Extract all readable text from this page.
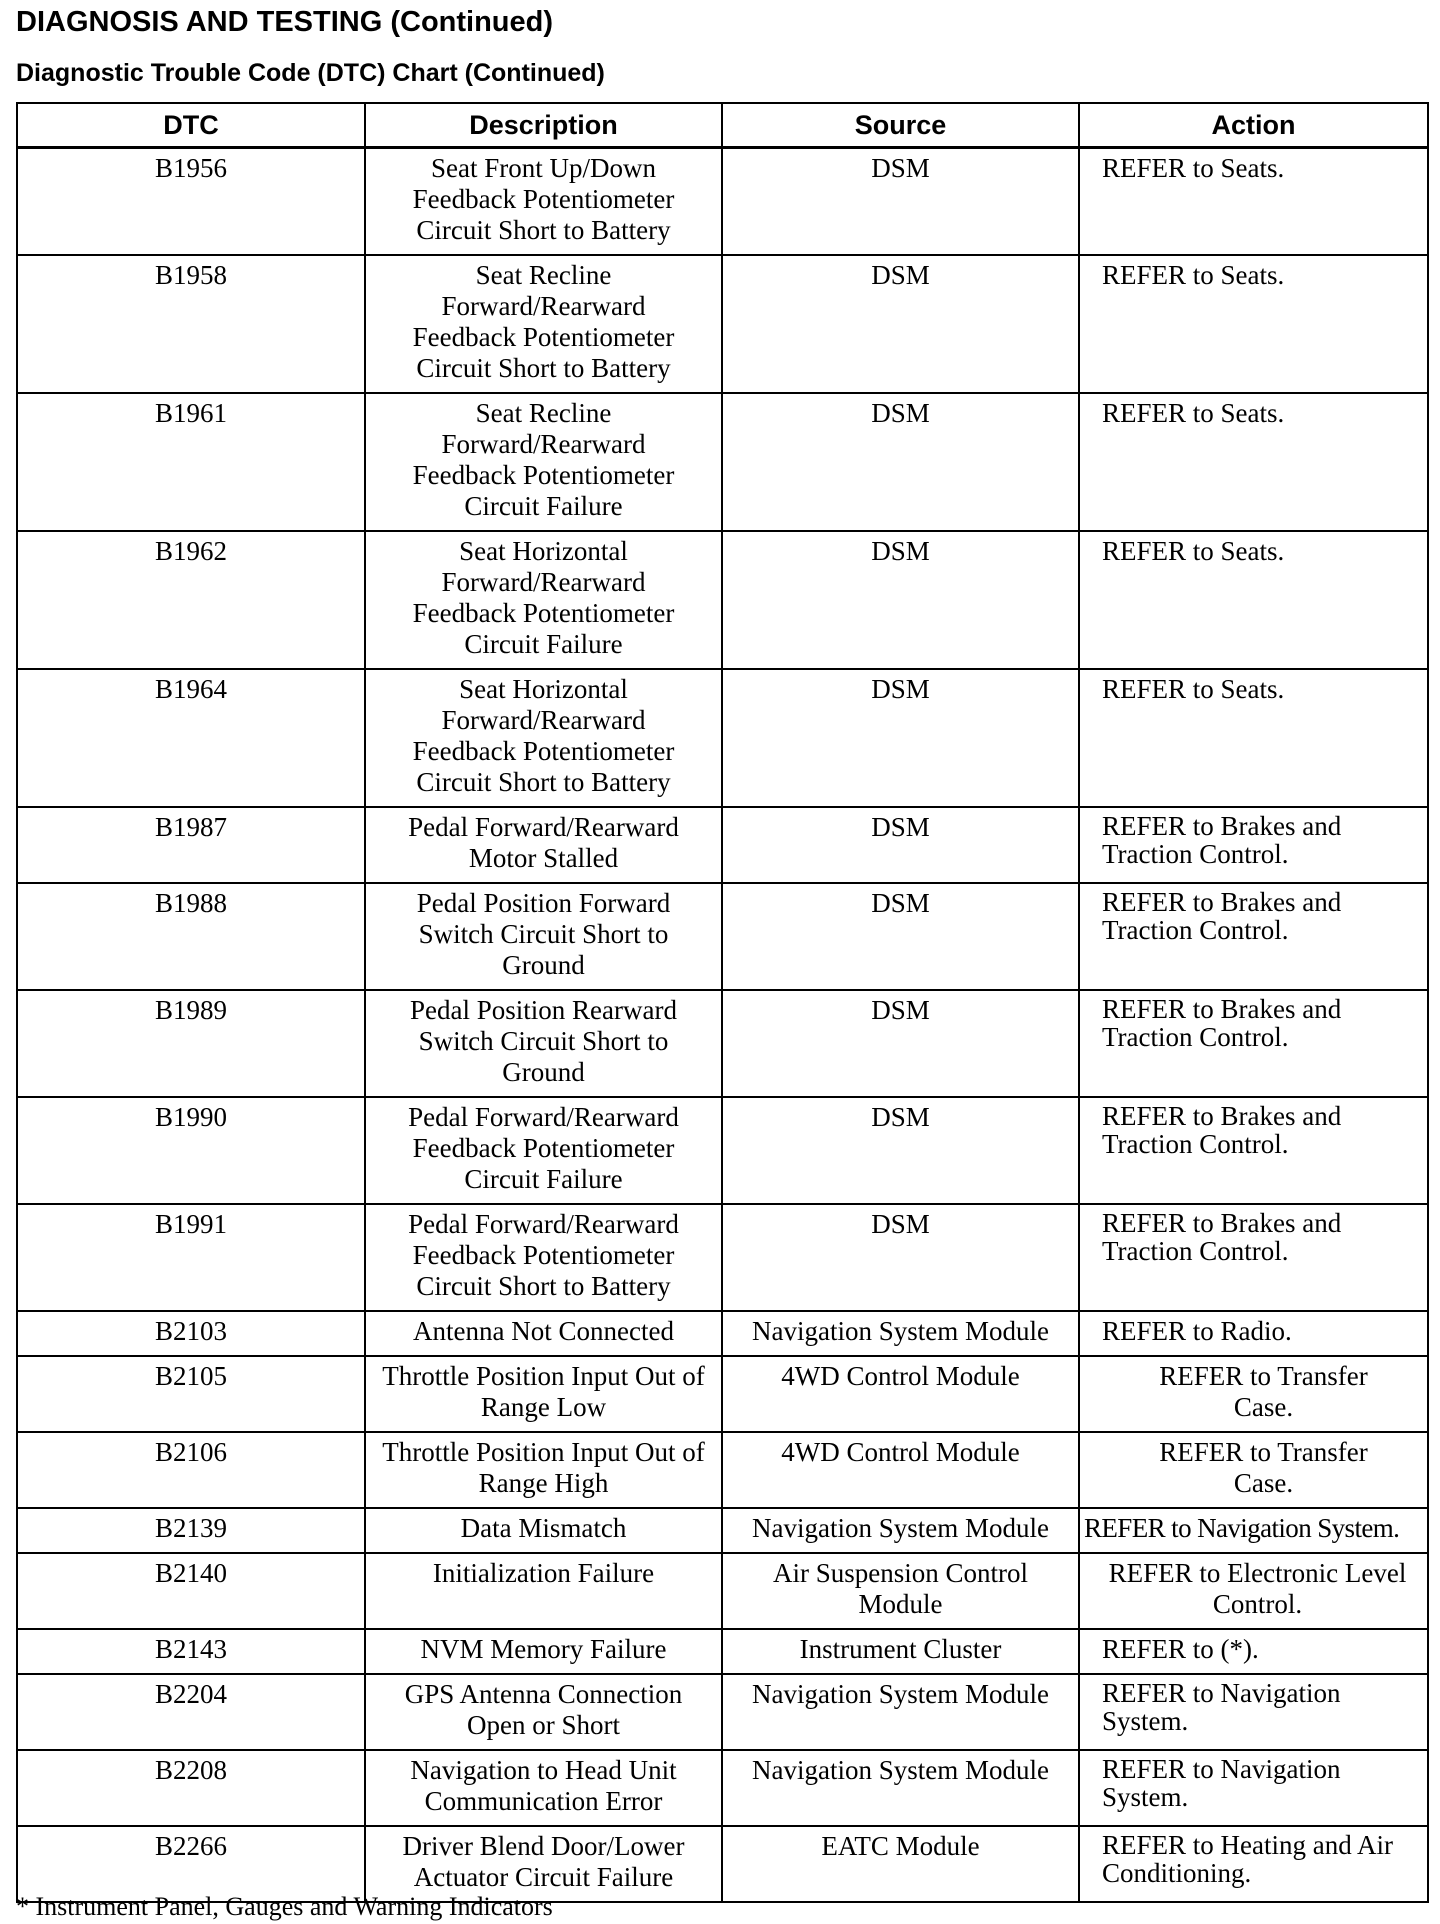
DIAGNOSIS AND TESTING (Continued)
Diagnostic Trouble Code (DTC) Chart (Continued)
DTC	Description	Source	Action
B1956	Seat Front Up/Down Feedback Potentiometer Circuit Short to Battery	DSM	REFER to Seats.
B1958	Seat Recline Forward/Rearward Feedback Potentiometer Circuit Short to Battery	DSM	REFER to Seats.
B1961	Seat Recline Forward/Rearward Feedback Potentiometer Circuit Failure	DSM	REFER to Seats.
B1962	Seat Horizontal Forward/Rearward Feedback Potentiometer Circuit Failure	DSM	REFER to Seats.
B1964	Seat Horizontal Forward/Rearward Feedback Potentiometer Circuit Short to Battery	DSM	REFER to Seats.
B1987	Pedal Forward/Rearward Motor Stalled	DSM	REFER to Brakes and Traction Control.
B1988	Pedal Position Forward Switch Circuit Short to Ground	DSM	REFER to Brakes and Traction Control.
B1989	Pedal Position Rearward Switch Circuit Short to Ground	DSM	REFER to Brakes and Traction Control.
B1990	Pedal Forward/Rearward Feedback Potentiometer Circuit Failure	DSM	REFER to Brakes and Traction Control.
B1991	Pedal Forward/Rearward Feedback Potentiometer Circuit Short to Battery	DSM	REFER to Brakes and Traction Control.
B2103	Antenna Not Connected	Navigation System Module	REFER to Radio.
B2105	Throttle Position Input Out of Range Low	4WD Control Module	REFER to Transfer Case.
B2106	Throttle Position Input Out of Range High	4WD Control Module	REFER to Transfer Case.
B2139	Data Mismatch	Navigation System Module	REFER to Navigation System.
B2140	Initialization Failure	Air Suspension Control Module	REFER to Electronic Level Control.
B2143	NVM Memory Failure	Instrument Cluster	REFER to (*).
B2204	GPS Antenna Connection Open or Short	Navigation System Module	REFER to Navigation System.
B2208	Navigation to Head Unit Communication Error	Navigation System Module	REFER to Navigation System.
B2266	Driver Blend Door/Lower Actuator Circuit Failure	EATC Module	REFER to Heating and Air Conditioning.
* Instrument Panel, Gauges and Warning Indicators
